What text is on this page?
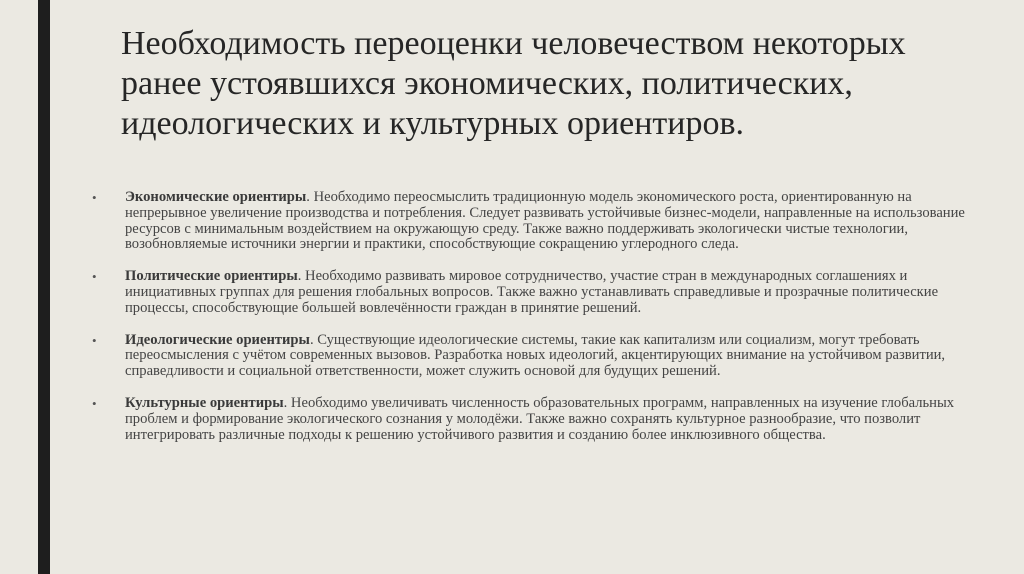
Необходимость переоценки человечеством некоторых ранее устоявшихся экономических, политических, идеологических и культурных ориентиров.
• Экономические ориентиры. Необходимо переосмыслить традиционную модель экономического роста, ориентированную на непрерывное увеличение производства и потребления. Следует развивать устойчивые бизнес-модели, направленные на использование ресурсов с минимальным воздействием на окружающую среду. Также важно поддерживать экологически чистые технологии, возобновляемые источники энергии и практики, способствующие сокращению углеродного следа.
• Политические ориентиры. Необходимо развивать мировое сотрудничество, участие стран в международных соглашениях и инициативных группах для решения глобальных вопросов. Также важно устанавливать справедливые и прозрачные политические процессы, способствующие большей вовлечённости граждан в принятие решений.
• Идеологические ориентиры. Существующие идеологические системы, такие как капитализм или социализм, могут требовать переосмысления с учётом современных вызовов. Разработка новых идеологий, акцентирующих внимание на устойчивом развитии, справедливости и социальной ответственности, может служить основой для будущих решений.
• Культурные ориентиры. Необходимо увеличивать численность образовательных программ, направленных на изучение глобальных проблем и формирование экологического сознания у молодёжи. Также важно сохранять культурное разнообразие, что позволит интегрировать различные подходы к решению устойчивого развития и созданию более инклюзивного общества.
